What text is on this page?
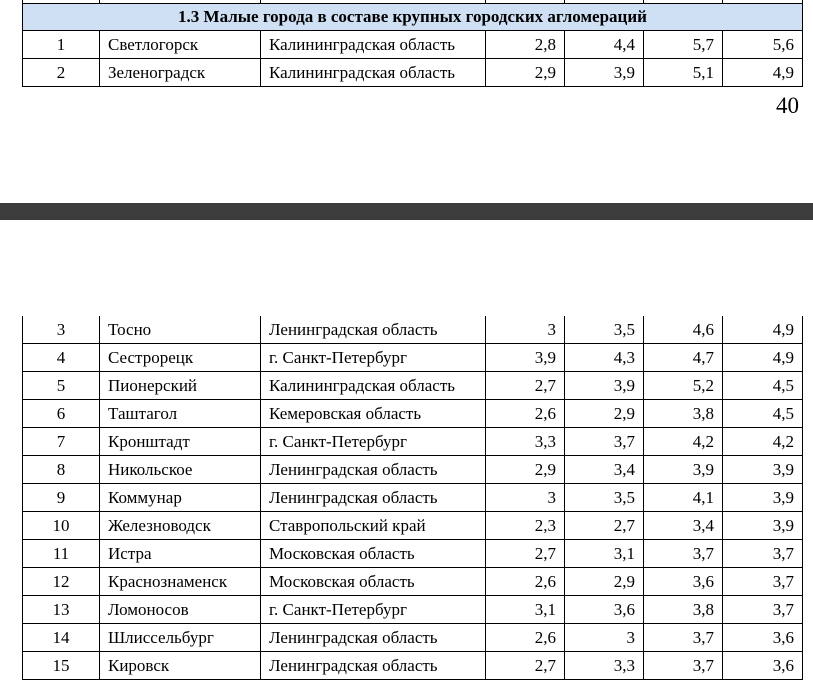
1.3 Малые города в составе крупных городских агломераций						
1	Светлогорск	Калининградская область	2,8	4,4	5,7	5,6
2	Зеленоградск	Калининградская область	2,9	3,9	5,1	4,9
40
3	Тосно	Ленинградская область	3	3,5	4,6	4,9
4	Сестрорецк	г. Санкт-Петербург	3,9	4,3	4,7	4,9
5	Пионерский	Калининградская область	2,7	3,9	5,2	4,5
6	Таштагол	Кемеровская область	2,6	2,9	3,8	4,5
7	Кронштадт	г. Санкт-Петербург	3,3	3,7	4,2	4,2
8	Никольское	Ленинградская область	2,9	3,4	3,9	3,9
9	Коммунар	Ленинградская область	3	3,5	4,1	3,9
10	Железноводск	Ставропольский край	2,3	2,7	3,4	3,9
11	Истра	Московская область	2,7	3,1	3,7	3,7
12	Краснознаменск	Московская область	2,6	2,9	3,6	3,7
13	Ломоносов	г. Санкт-Петербург	3,1	3,6	3,8	3,7
14	Шлиссельбург	Ленинградская область	2,6	3	3,7	3,6
15	Кировск	Ленинградская область	2,7	3,3	3,7	3,6
